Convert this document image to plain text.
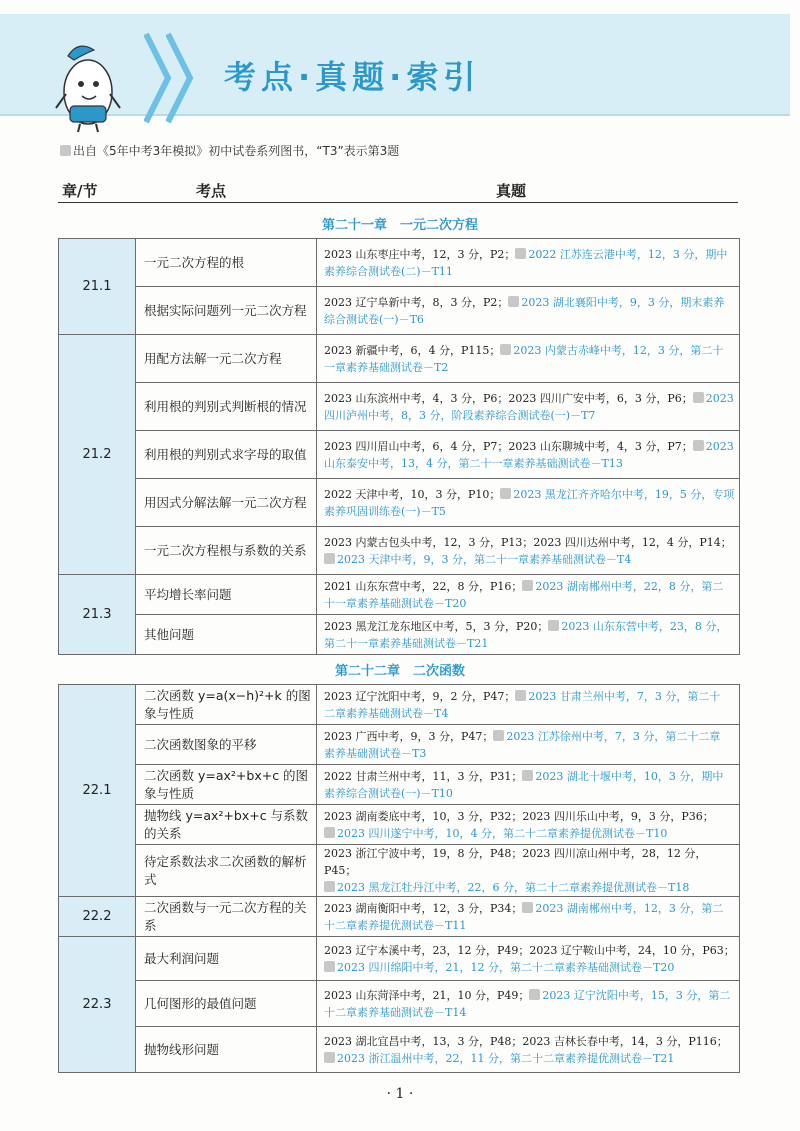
考点·真题·索引
出自《5年中考3年模拟》初中试卷系列图书，“T3”表示第3题
章/节	考点	真题
第二十一章　一元二次方程
21.1	一元二次方程的根	2023 山东枣庄中考，12，3 分，P2； 2022 江苏连云港中考，12，3 分，期中
素养综合测试卷(二)－T11
	根据实际问题列一元二次方程	2023 辽宁阜新中考，8，3 分，P2； 2023 湖北襄阳中考，9，3 分，期末素养
综合测试卷(一)－T6
21.2	用配方法解一元二次方程	2023 新疆中考，6，4 分，P115； 2023 内蒙古赤峰中考，12，3 分，第二十
一章素养基础测试卷－T2
	利用根的判别式判断根的情况	2023 山东滨州中考，4，3 分，P6；2023 四川广安中考，6，3 分，P6； 2023
四川泸州中考，8，3 分，阶段素养综合测试卷(一)－T7
	利用根的判别式求字母的取值	2023 四川眉山中考，6，4 分，P7；2023 山东聊城中考，4，3 分，P7； 2023
山东泰安中考，13，4 分，第二十一章素养基础测试卷－T13
	用因式分解法解一元二次方程	2022 天津中考，10，3 分，P10； 2023 黑龙江齐齐哈尔中考，19，5 分，专项
素养巩固训练卷(一)－T5
	一元二次方程根与系数的关系	2023 内蒙古包头中考，12，3 分，P13；2023 四川达州中考，12，4 分，P14；
2023 天津中考，9，3 分，第二十一章素养基础测试卷－T4
21.3	平均增长率问题	2021 山东东营中考，22，8 分，P16； 2023 湖南郴州中考，22，8 分，第二
十一章素养基础测试卷－T20
	其他问题	2023 黑龙江龙东地区中考，5，3 分，P20； 2023 山东东营中考，23，8 分，
第二十一章素养基础测试卷－T21
第二十二章　二次函数
22.1	二次函数 y=a(x−h)²+k 的图象与性质	2023 辽宁沈阳中考，9，2 分，P47； 2023 甘肃兰州中考，7，3 分，第二十
二章素养基础测试卷－T4
	二次函数图象的平移	2023 广西中考，9，3 分，P47； 2023 江苏徐州中考，7，3 分，第二十二章
素养基础测试卷－T3
	二次函数 y=ax²+bx+c 的图象与性质	2022 甘肃兰州中考，11，3 分，P31； 2023 湖北十堰中考，10，3 分，期中
素养综合测试卷(一)－T10
	抛物线 y=ax²+bx+c 与系数的关系	2023 湖南娄底中考，10，3 分，P32；2023 四川乐山中考，9，3 分，P36；
2023 四川遂宁中考，10，4 分，第二十二章素养提优测试卷－T10
	待定系数法求二次函数的解析式	2023 浙江宁波中考，19，8 分，P48；2023 四川凉山州中考，28，12 分，P45；
2023 黑龙江牡丹江中考，22，6 分，第二十二章素养提优测试卷－T18
22.2	二次函数与一元二次方程的关系	2023 湖南衡阳中考，12，3 分，P34； 2023 湖南郴州中考，12，3 分，第二
十二章素养提优测试卷－T11
22.3	最大利润问题	2023 辽宁本溪中考，23，12 分，P49；2023 辽宁鞍山中考，24，10 分，P63；
2023 四川绵阳中考，21，12 分，第二十二章素养基础测试卷－T20
	几何图形的最值问题	2023 山东菏泽中考，21，10 分，P49； 2023 辽宁沈阳中考，15，3 分，第二
十二章素养基础测试卷－T14
	抛物线形问题	2023 湖北宜昌中考，13，3 分，P48；2023 吉林长春中考，14，3 分，P116；
2023 浙江温州中考，22，11 分，第二十二章素养提优测试卷－T21
· 1 ·
